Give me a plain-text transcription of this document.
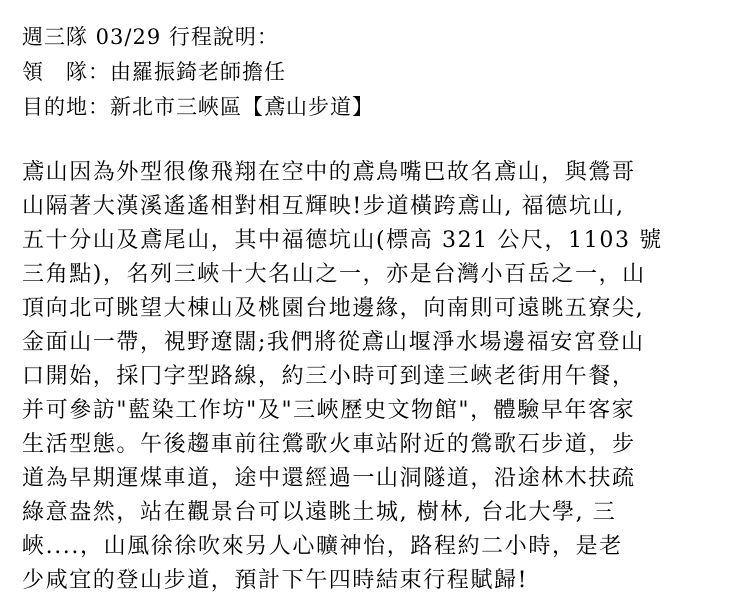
週三隊 03/29 行程說明：
領　隊：由羅振錡老師擔任
目的地：新北市三峽區【鳶山步道】
鳶山因為外型很像飛翔在空中的鳶鳥嘴巴故名鳶山，與鶯哥
山隔著大漢溪遙遙相對相互輝映!步道橫跨鳶山, 福德坑山,
五十分山及鳶尾山，其中福德坑山(標高 321 公尺，1103 號
三角點)，名列三峽十大名山之一，亦是台灣小百岳之一，山
頂向北可眺望大棟山及桃園台地邊緣，向南則可遠眺五寮尖,
金面山一帶，視野遼闊;我們將從鳶山堰淨水場邊福安宮登山
口開始，採冂字型路線，約三小時可到達三峽老街用午餐，
并可參訪"藍染工作坊"及"三峽歷史文物館"，體驗早年客家
生活型態。午後趨車前往鶯歌火車站附近的鶯歌石步道，步
道為早期運煤車道，途中還經過一山洞隧道，沿途林木扶疏
綠意盎然，站在觀景台可以遠眺土城, 樹林, 台北大學, 三
峽....，山風徐徐吹來另人心曠神怡，路程約二小時，是老
少咸宜的登山步道，預計下午四時結束行程賦歸!
